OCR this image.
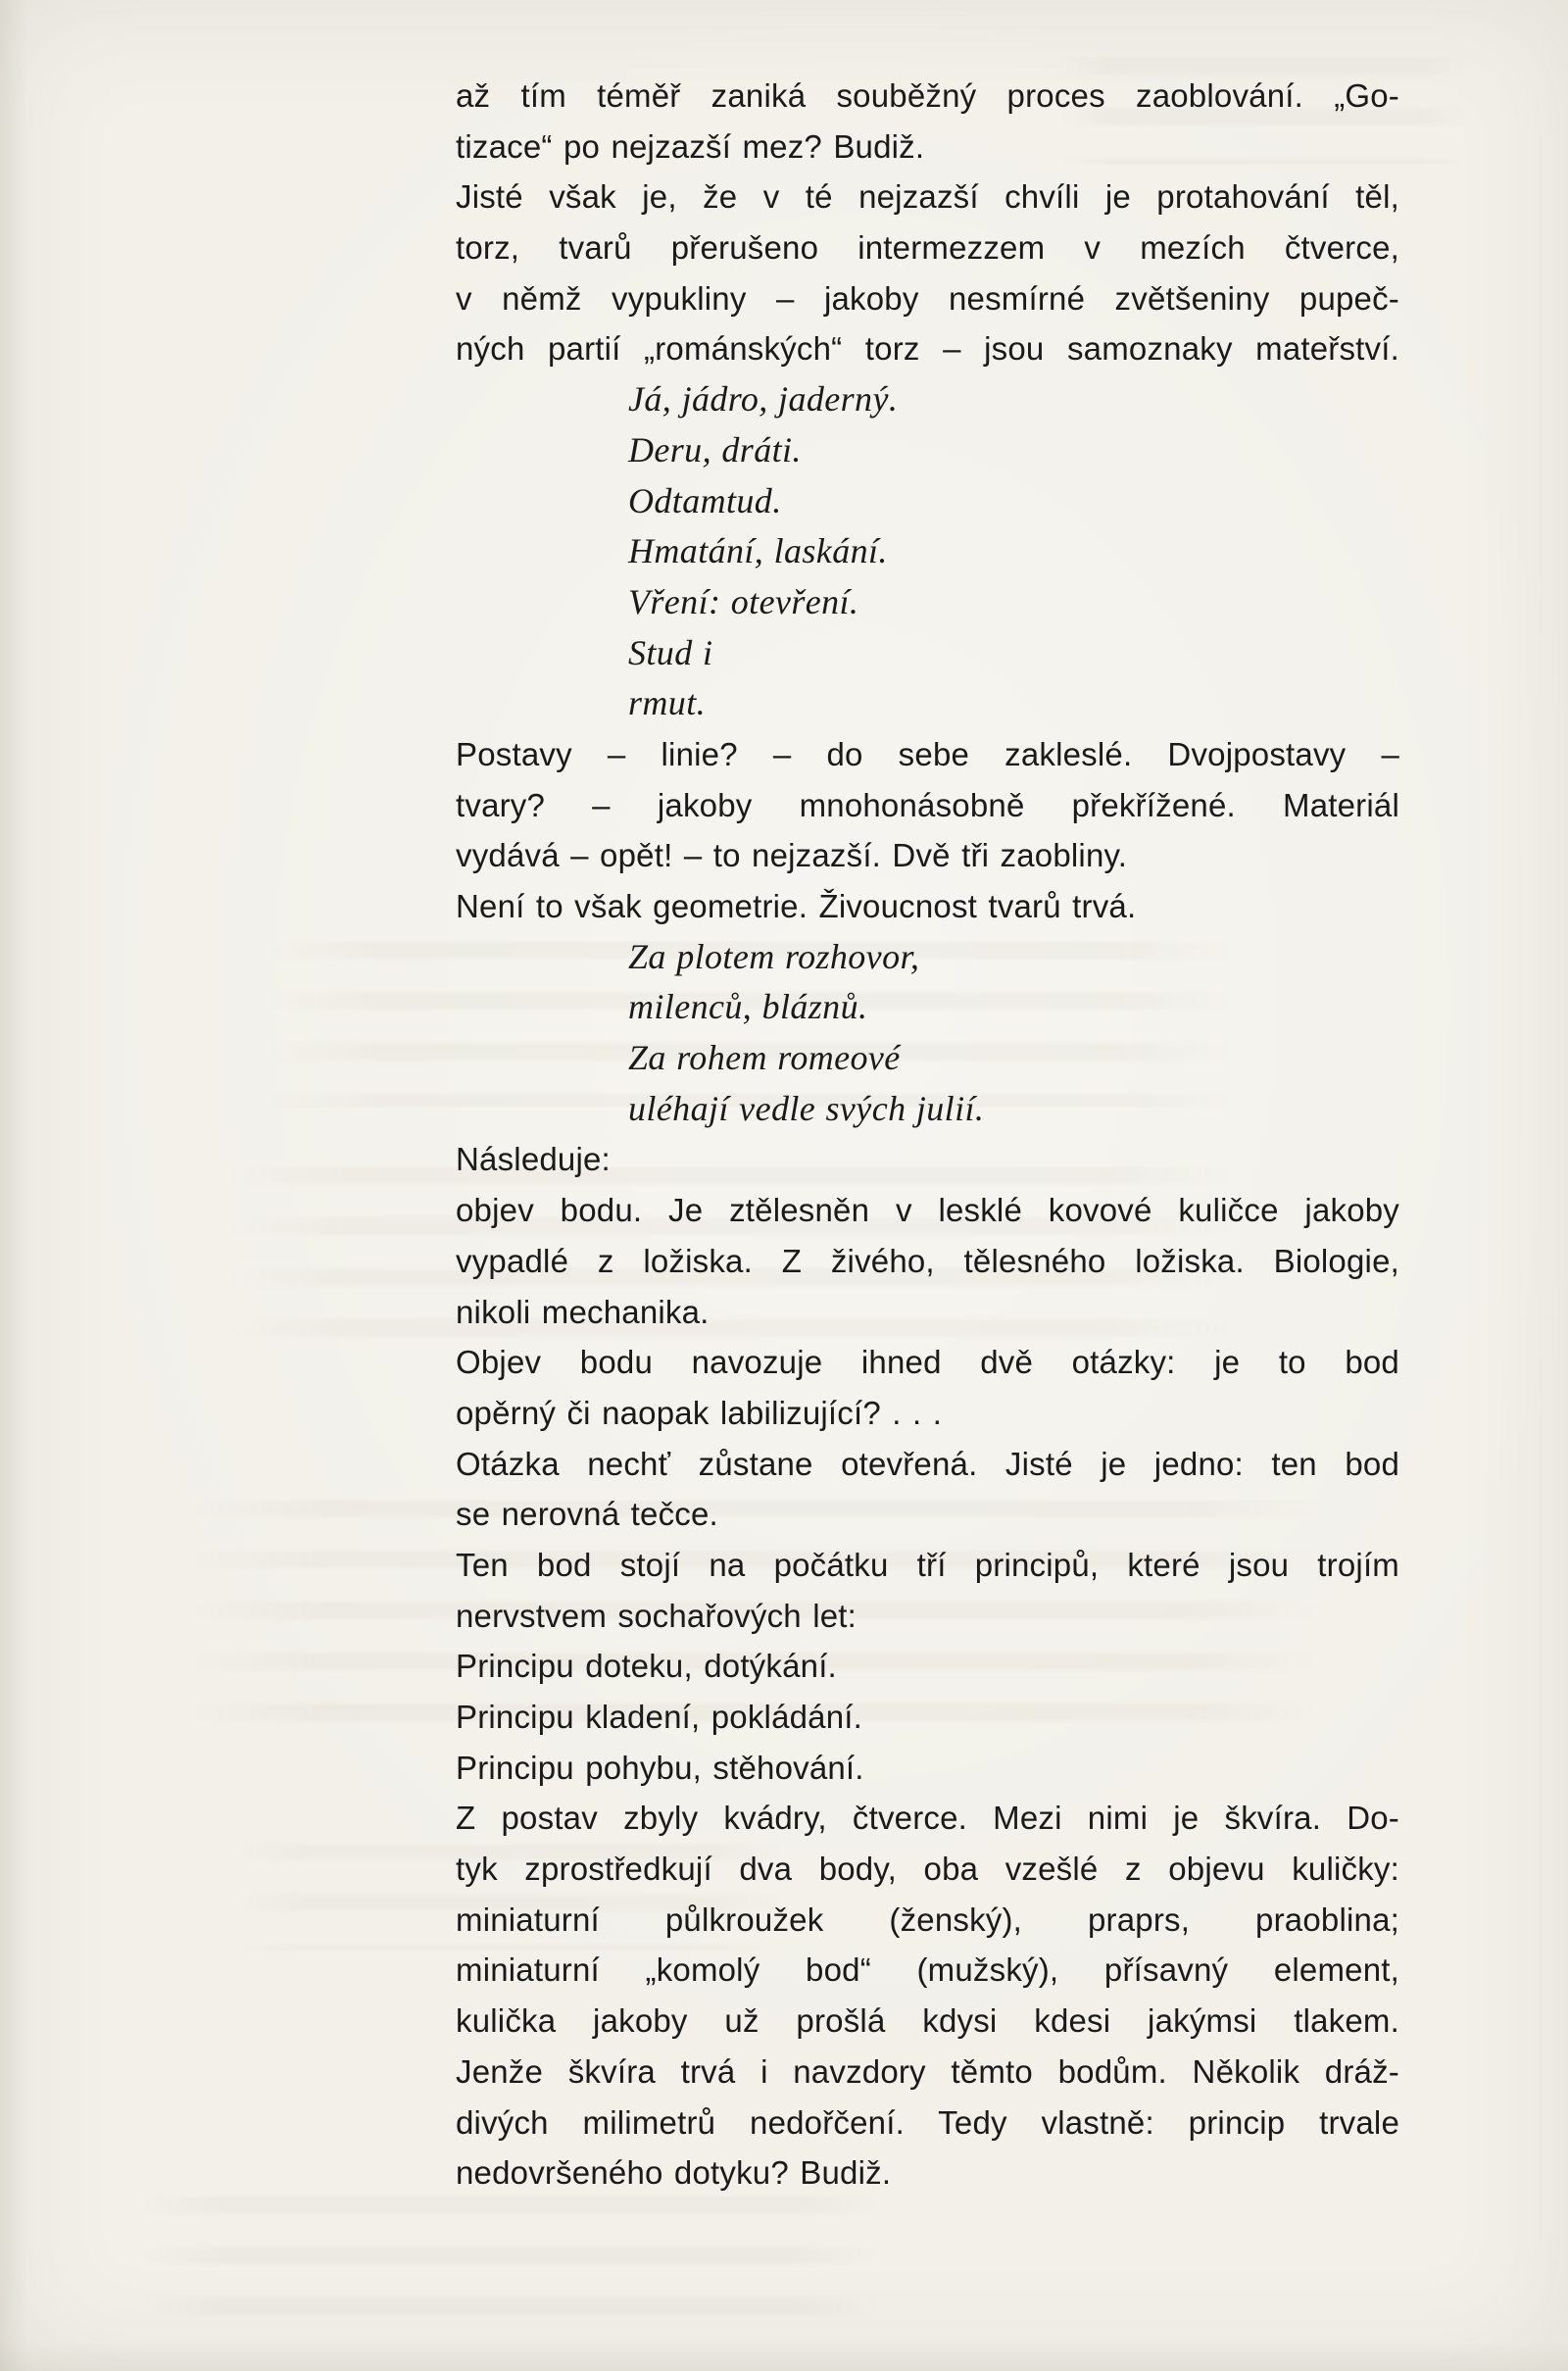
až tím téměř zaniká souběžný proces zaoblování. „Go-
tizace“ po nejzazší mez? Budiž.
Jisté však je, že v té nejzazší chvíli je protahování těl,
torz, tvarů přerušeno intermezzem v mezích čtverce,
v němž vypukliny – jakoby nesmírné zvětšeniny pupeč-
ných partií „románských“ torz – jsou samoznaky mateřství.
Já, jádro, jaderný.
Deru, dráti.
Odtamtud.
Hmatání, laskání.
Vření: otevření.
Stud i
rmut.
Postavy – linie? – do sebe zakleslé. Dvojpostavy –
tvary? – jakoby mnohonásobně překřížené. Materiál
vydává – opět! – to nejzazší. Dvě tři zaobliny.
Není to však geometrie. Živoucnost tvarů trvá.
Za plotem rozhovor,
milenců, bláznů.
Za rohem romeové
uléhají vedle svých julií.
Následuje:
objev bodu. Je ztělesněn v lesklé kovové kuličce jakoby
vypadlé z ložiska. Z živého, tělesného ložiska. Biologie,
nikoli mechanika.
Objev bodu navozuje ihned dvě otázky: je to bod
opěrný či naopak labilizující? . . .
Otázka nechť zůstane otevřená. Jisté je jedno: ten bod
se nerovná tečce.
Ten bod stojí na počátku tří principů, které jsou trojím
nervstvem sochařových let:
Principu doteku, dotýkání.
Principu kladení, pokládání.
Principu pohybu, stěhování.
Z postav zbyly kvádry, čtverce. Mezi nimi je škvíra. Do-
tyk zprostředkují dva body, oba vzešlé z objevu kuličky:
miniaturní půlkroužek (ženský), praprs, praoblina;
miniaturní „komolý bod“ (mužský), přísavný element,
kulička jakoby už prošlá kdysi kdesi jakýmsi tlakem.
Jenže škvíra trvá i navzdory těmto bodům. Několik dráž-
divých milimetrů nedořčení. Tedy vlastně: princip trvale
nedovršeného dotyku? Budiž.
